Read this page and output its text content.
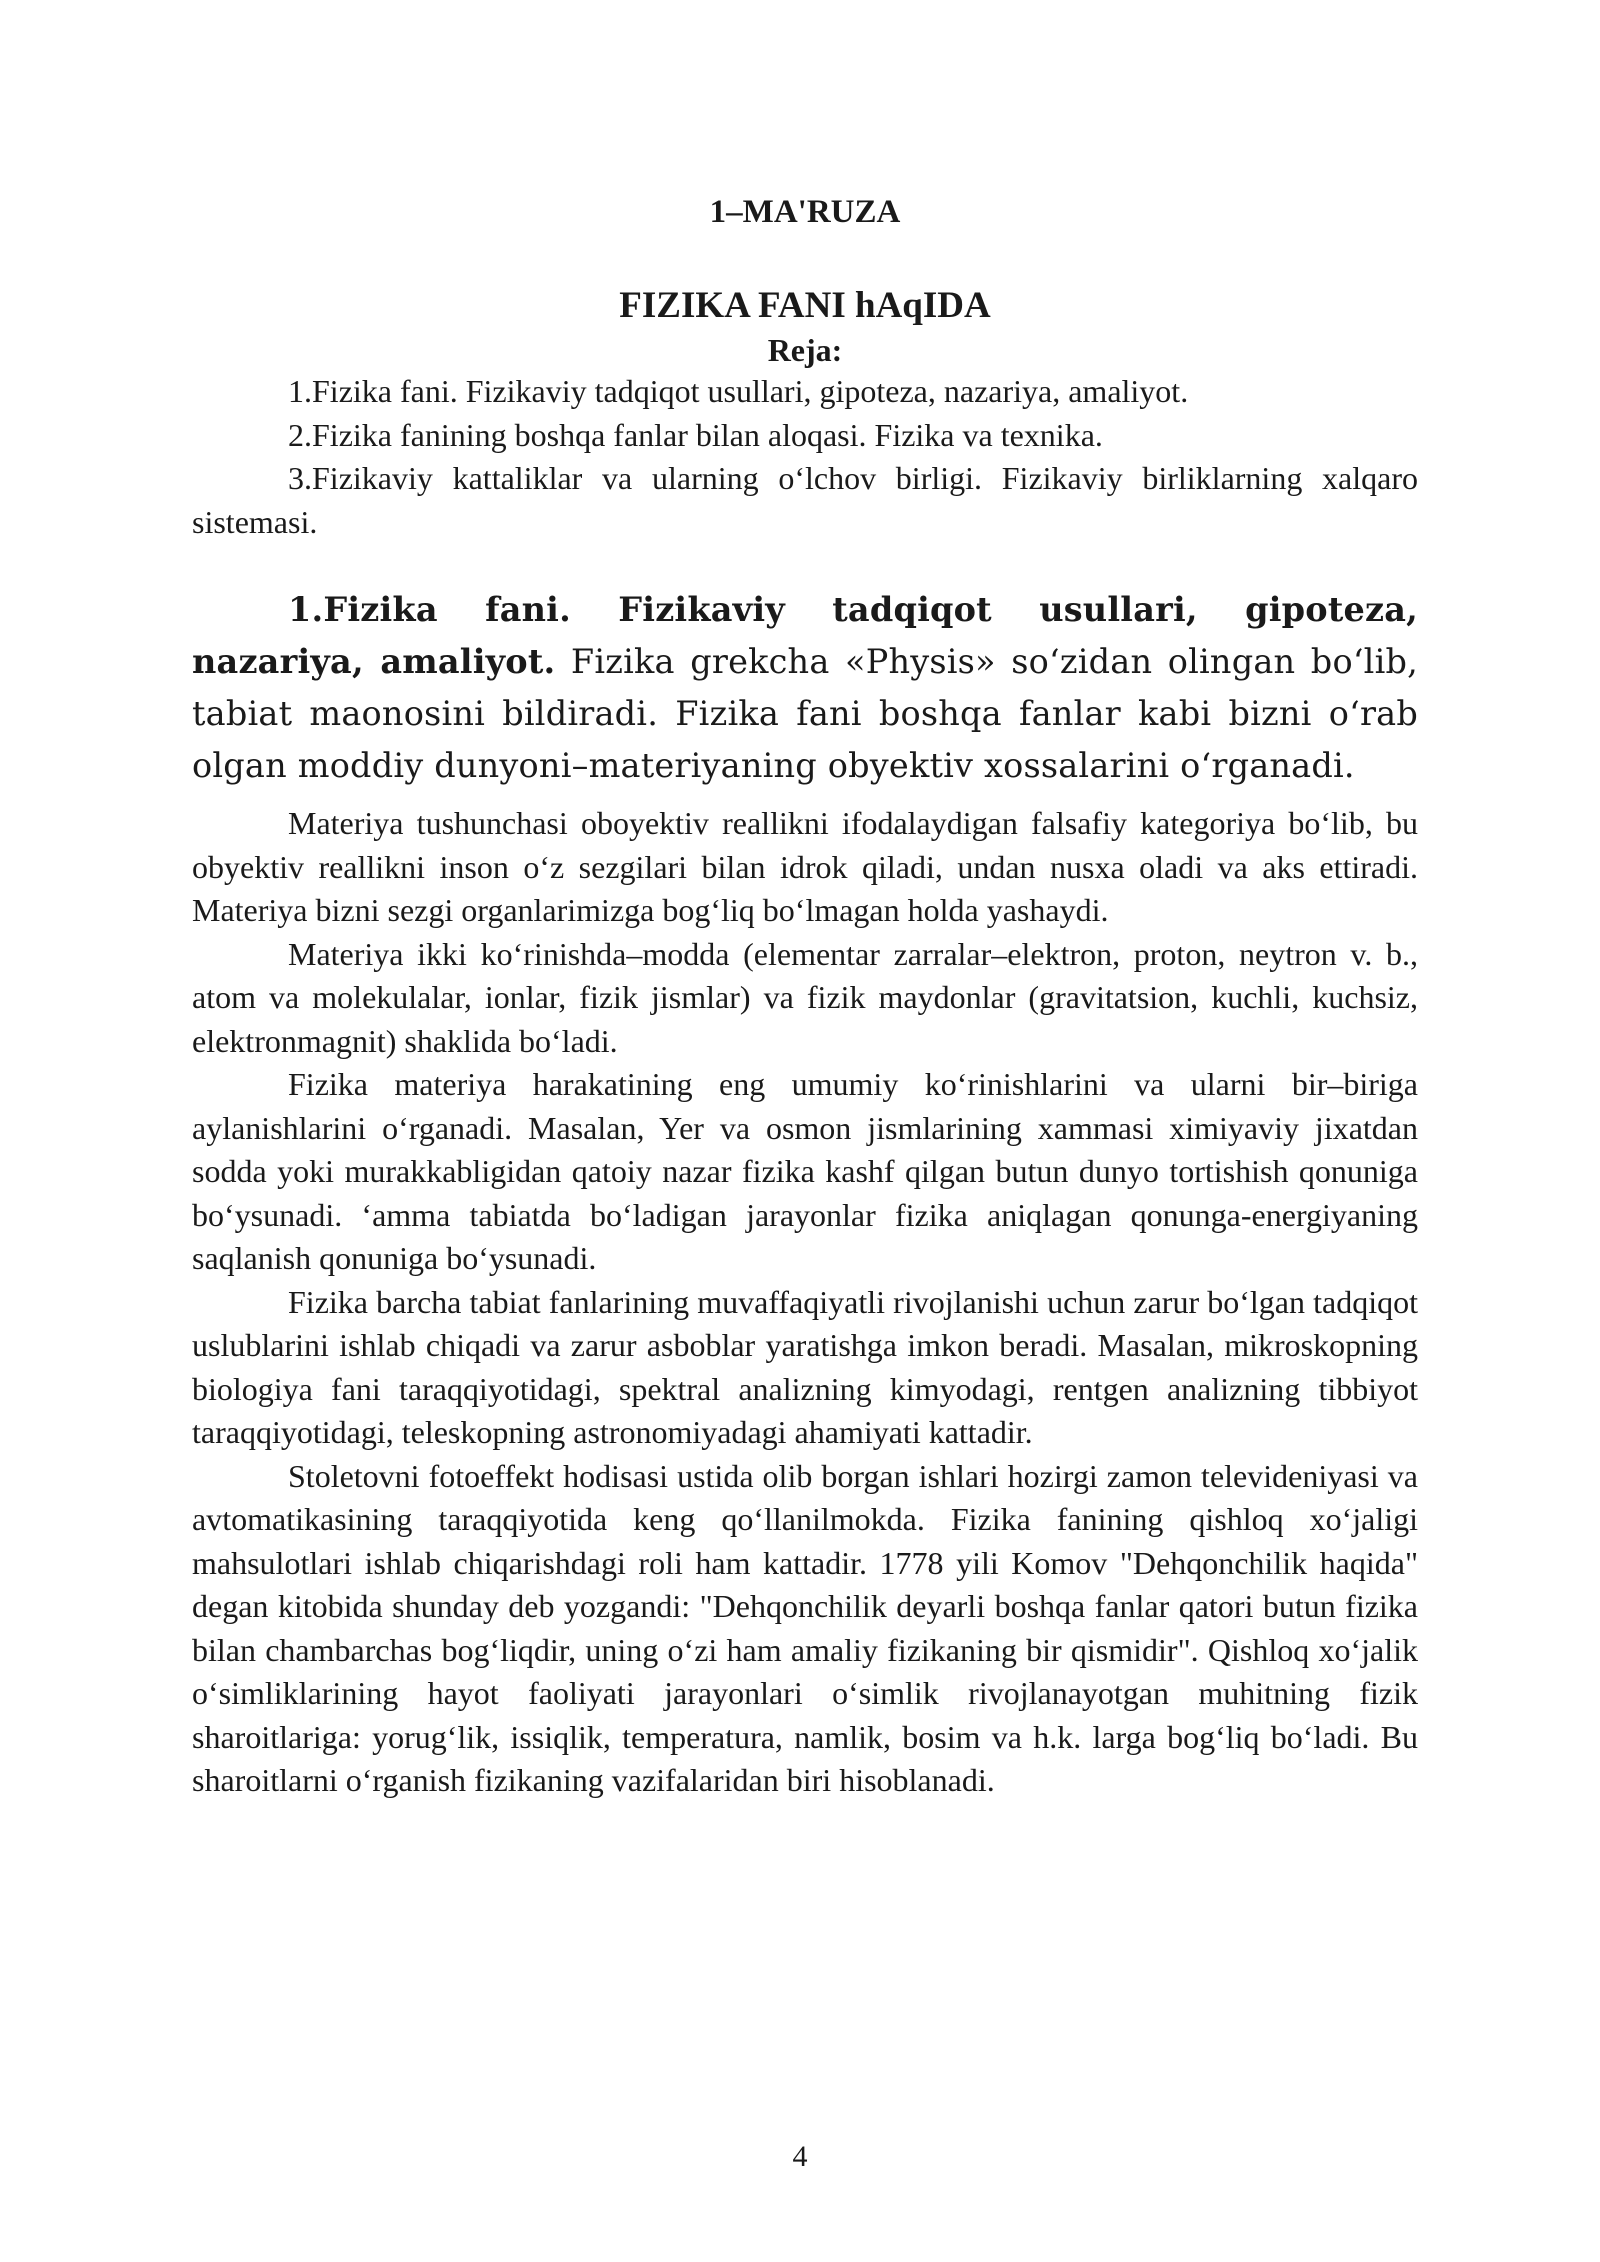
1–MA'RUZA

FIZIKA FANI hAqIDA

Reja:

1.Fizika fani. Fizikaviy tadqiqot usullari, gipoteza, nazariya, amaliyot.

2.Fizika fanining boshqa fanlar bilan aloqasi. Fizika va texnika.

3.Fizikaviy kattaliklar va ularning o‘lchov birligi. Fizikaviy birliklarning xalqaro sistemasi.

1.Fizika fani. Fizikaviy tadqiqot usullari, gipoteza, nazariya, amaliyot. Fizika grekcha «Physis» so‘zidan olingan bo‘lib, tabiat maonosini bildiradi. Fizika fani boshqa fanlar kabi bizni o‘rab olgan moddiy dunyoni–materiyaning obyektiv xossalarini o‘rganadi.

Materiya tushunchasi oboyektiv reallikni ifodalaydigan falsafiy kategoriya bo‘lib, bu obyektiv reallikni inson o‘z sezgilari bilan idrok qiladi, undan nusxa oladi va aks ettiradi. Materiya bizni sezgi organlarimizga bog‘liq bo‘lmagan holda yashaydi.

Materiya ikki ko‘rinishda–modda (elementar zarralar–elektron, proton, neytron v. b., atom va molekulalar, ionlar, fizik jismlar) va fizik maydonlar (gravitatsion, kuchli, kuchsiz, elektronmagnit) shaklida bo‘ladi.

Fizika materiya harakatining eng umumiy ko‘rinishlarini va ularni bir–biriga aylanishlarini o‘rganadi. Masalan, Yer va osmon jismlarining xammasi ximiyaviy jixatdan sodda yoki murakkabligidan qatoiy nazar fizika kashf qilgan butun dunyo tortishish qonuniga bo‘ysunadi. ‘amma tabiatda bo‘ladigan jarayonlar fizika aniqlagan qonunga-energiyaning saqlanish qonuniga bo‘ysunadi.

Fizika barcha tabiat fanlarining muvaffaqiyatli rivojlanishi uchun zarur bo‘lgan tadqiqot uslublarini ishlab chiqadi va zarur asboblar yaratishga imkon beradi. Masalan, mikroskopning biologiya fani taraqqiyotidagi, spektral analizning kimyodagi, rentgen analizning tibbiyot taraqqiyotidagi, teleskopning astronomiyadagi ahamiyati kattadir.

Stoletovni fotoeffekt hodisasi ustida olib borgan ishlari hozirgi zamon televideniyasi va avtomatikasining taraqqiyotida keng qo‘llanilmokda. Fizika fanining qishloq xo‘jaligi mahsulotlari ishlab chiqarishdagi roli ham kattadir. 1778 yili Komov "Dehqonchilik haqida" degan kitobida shunday deb yozgandi: "Dehqonchilik deyarli boshqa fanlar qatori butun fizika bilan chambarchas bog‘liqdir, uning o‘zi ham amaliy fizikaning bir qismidir". Qishloq xo‘jalik o‘simliklarining hayot faoliyati jarayonlari o‘simlik rivojlanayotgan muhitning fizik sharoitlariga: yorug‘lik, issiqlik, temperatura, namlik, bosim va h.k. larga bog‘liq bo‘ladi. Bu sharoitlarni o‘rganish fizikaning vazifalaridan biri hisoblanadi.

4
